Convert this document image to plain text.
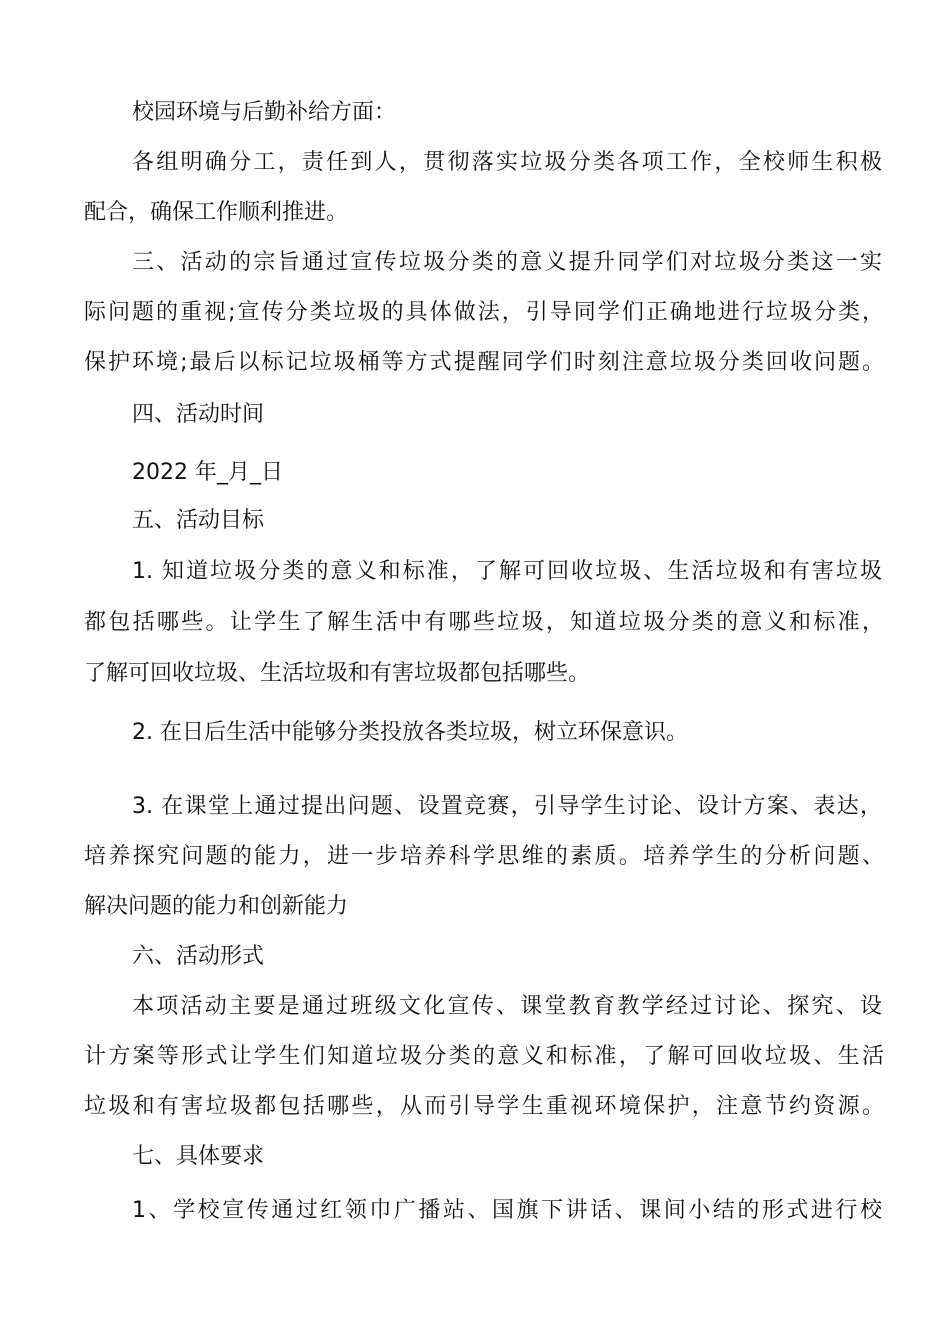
校园环境与后勤补给方面：
各组明确分工，责任到人，贯彻落实垃圾分类各项工作，全校师生积极
配合，确保工作顺利推进。
三、活动的宗旨通过宣传垃圾分类的意义提升同学们对垃圾分类这一实
际问题的重视;宣传分类垃圾的具体做法，引导同学们正确地进行垃圾分类，
保护环境;最后以标记垃圾桶等方式提醒同学们时刻注意垃圾分类回收问题。
四、活动时间
2022 年_月_日
五、活动目标
1. 知道垃圾分类的意义和标准，了解可回收垃圾、生活垃圾和有害垃圾
都包括哪些。让学生了解生活中有哪些垃圾，知道垃圾分类的意义和标准，
了解可回收垃圾、生活垃圾和有害垃圾都包括哪些。
2. 在日后生活中能够分类投放各类垃圾，树立环保意识。
3. 在课堂上通过提出问题、设置竞赛，引导学生讨论、设计方案、表达，
培养探究问题的能力，进一步培养科学思维的素质。培养学生的分析问题、
解决问题的能力和创新能力
六、活动形式
本项活动主要是通过班级文化宣传、课堂教育教学经过讨论、探究、设
计方案等形式让学生们知道垃圾分类的意义和标准，了解可回收垃圾、生活
垃圾和有害垃圾都包括哪些，从而引导学生重视环境保护，注意节约资源。
七、具体要求
1、学校宣传通过红领巾广播站、国旗下讲话、课间小结的形式进行校
